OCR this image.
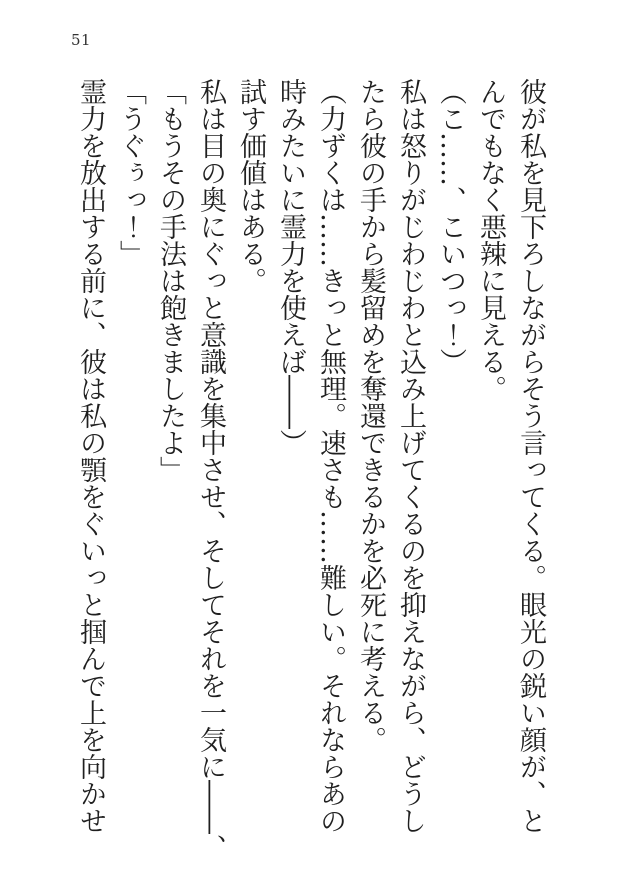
51
彼が私を見下ろしながらそう言ってくる。眼光の鋭い顔が、と
んでもなく悪辣に見える。
（こ……、こいつっ！）
私は怒りがじわじわと込み上げてくるのを抑えながら、どうし
たら彼の手から髪留めを奪還できるかを必死に考える。
（力ずくは……きっと無理。速さも……難しい。それならあの
時みたいに霊力を使えば――）
試す価値はある。
私は目の奥にぐっと意識を集中させ、そしてそれを一気に――、
「もうその手法は飽きましたよ」
「うぐぅっ！」
霊力を放出する前に、彼は私の顎をぐいっと掴んで上を向かせ
